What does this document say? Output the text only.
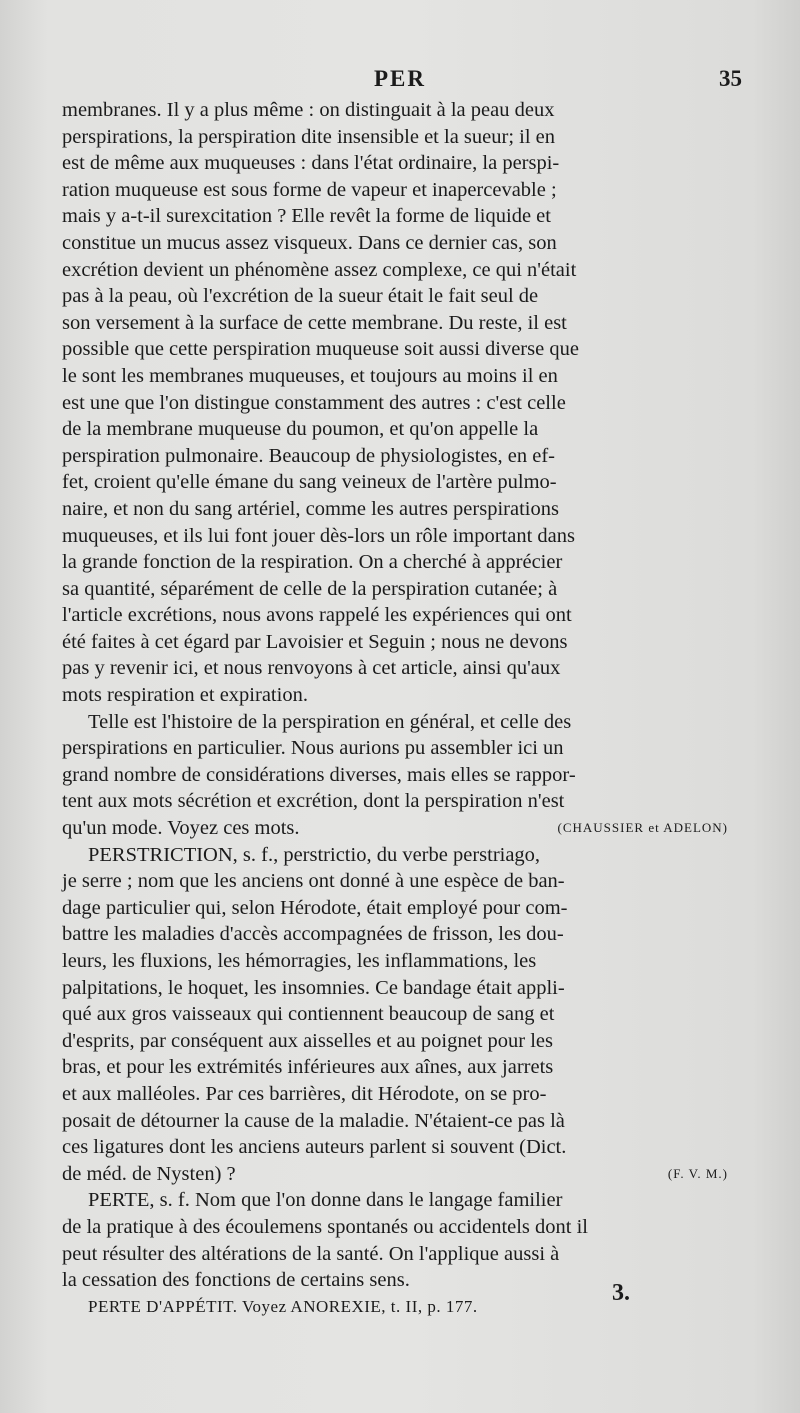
PER	35
membranes. Il y a plus même : on distinguait à la peau deux
perspirations, la perspiration dite insensible et la sueur; il en
est de même aux muqueuses : dans l'état ordinaire, la perspi-
ration muqueuse est sous forme de vapeur et inapercevable ;
mais y a-t-il surexcitation ? Elle revêt la forme de liquide et
constitue un mucus assez visqueux. Dans ce dernier cas, son
excrétion devient un phénomène assez complexe, ce qui n'était
pas à la peau, où l'excrétion de la sueur était le fait seul de
son versement à la surface de cette membrane. Du reste, il est
possible que cette perspiration muqueuse soit aussi diverse que
le sont les membranes muqueuses, et toujours au moins il en
est une que l'on distingue constamment des autres : c'est celle
de la membrane muqueuse du poumon, et qu'on appelle la
perspiration pulmonaire. Beaucoup de physiologistes, en ef-
fet, croient qu'elle émane du sang veineux de l'artère pulmo-
naire, et non du sang artériel, comme les autres perspirations
muqueuses, et ils lui font jouer dès-lors un rôle important dans
la grande fonction de la respiration. On a cherché à apprécier
sa quantité, séparément de celle de la perspiration cutanée; à
l'article excrétions, nous avons rappelé les expériences qui ont
été faites à cet égard par Lavoisier et Seguin ; nous ne devons
pas y revenir ici, et nous renvoyons à cet article, ainsi qu'aux
mots respiration et expiration.
Telle est l'histoire de la perspiration en général, et celle des
perspirations en particulier. Nous aurions pu assembler ici un
grand nombre de considérations diverses, mais elles se rappor-
tent aux mots sécrétion et excrétion, dont la perspiration n'est
qu'un mode. Voyez ces mots.	(CHAUSSIER et ADELON)
PERSTRICTION, s. f., perstrictio, du verbe perstriago,
je serre ; nom que les anciens ont donné à une espèce de ban-
dage particulier qui, selon Hérodote, était employé pour com-
battre les maladies d'accès accompagnées de frisson, les dou-
leurs, les fluxions, les hémorragies, les inflammations, les
palpitations, le hoquet, les insomnies. Ce bandage était appli-
qué aux gros vaisseaux qui contiennent beaucoup de sang et
d'esprits, par conséquent aux aisselles et au poignet pour les
bras, et pour les extrémités inférieures aux aînes, aux jarrets
et aux malléoles. Par ces barrières, dit Hérodote, on se pro-
posait de détourner la cause de la maladie. N'étaient-ce pas là
ces ligatures dont les anciens auteurs parlent si souvent (Dict.
de méd. de Nysten) ?	(F. V. M.)
PERTE, s. f. Nom que l'on donne dans le langage familier
de la pratique à des écoulemens spontanés ou accidentels dont il
peut résulter des altérations de la santé. On l'applique aussi à
la cessation des fonctions de certains sens.
PERTE D'APPÉTIT. Voyez ANOREXIE, t. II, p. 177.
3.
